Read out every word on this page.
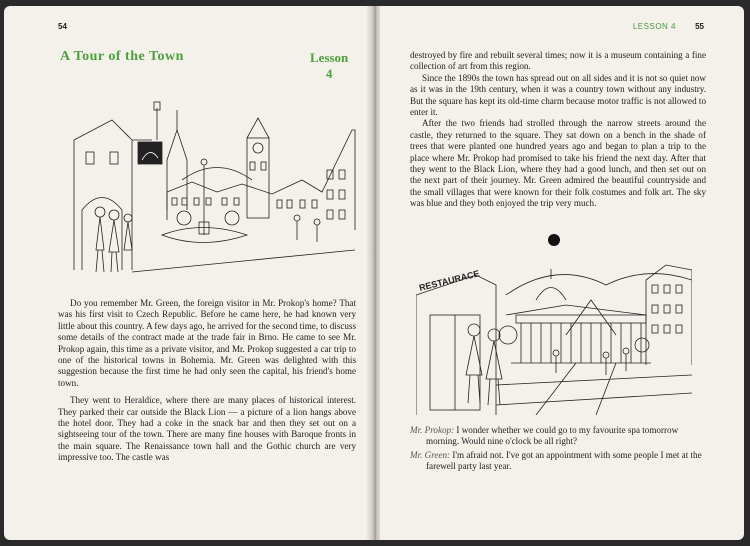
54
A Tour of the Town	Lesson
4

Do you remember Mr. Green, the foreign visitor in Mr. Prokop's home? That was his first visit to Czech Republic. Before he came here, he had known very little about this country. A few days ago, he arrived for the second time, to discuss some details of the contract made at the trade fair in Brno. He came to see Mr. Prokop again, this time as a private visitor, and Mr. Prokop suggested a car trip to one of the historical towns in Bohemia. Mr. Green was delighted with this suggestion because the first time he had only seen the capital, his friend's home town.

They went to Heraldice, where there are many places of historical interest. They parked their car outside the Black Lion — a picture of a lion hangs above the hotel door. They had a coke in the snack bar and then they set out on a sightseeing tour of the town. There are many fine houses with Baroque fronts in the main square. The Renaissance town hall and the Gothic church are very impressive too. The castle was

LESSON 4 55

destroyed by fire and rebuilt several times; now it is a museum containing a fine collection of art from this region.

Since the 1890s the town has spread out on all sides and it is not so quiet now as it was in the 19th century, when it was a country town without any industry. But the square has kept its old-time charm because motor traffic is not allowed to enter it.

After the two friends had strolled through the narrow streets around the castle, they returned to the square. They sat down on a bench in the shade of trees that were planted one hundred years ago and began to plan a trip to the place where Mr. Prokop had promised to take his friend the next day. After that they went to the Black Lion, where they had a good lunch, and then set out on the next part of their journey. Mr. Green admired the beautiful countryside and the small villages that were known for their folk costumes and folk art. The sky was blue and they both enjoyed the trip very much.

RESTAURACE
Mr. Prokop: I wonder whether we could go to my favourite spa tomorrow morning. Would nine o'clock be all right?
Mr. Green: I'm afraid not. I've got an appointment with some people I met at the farewell party last year.
